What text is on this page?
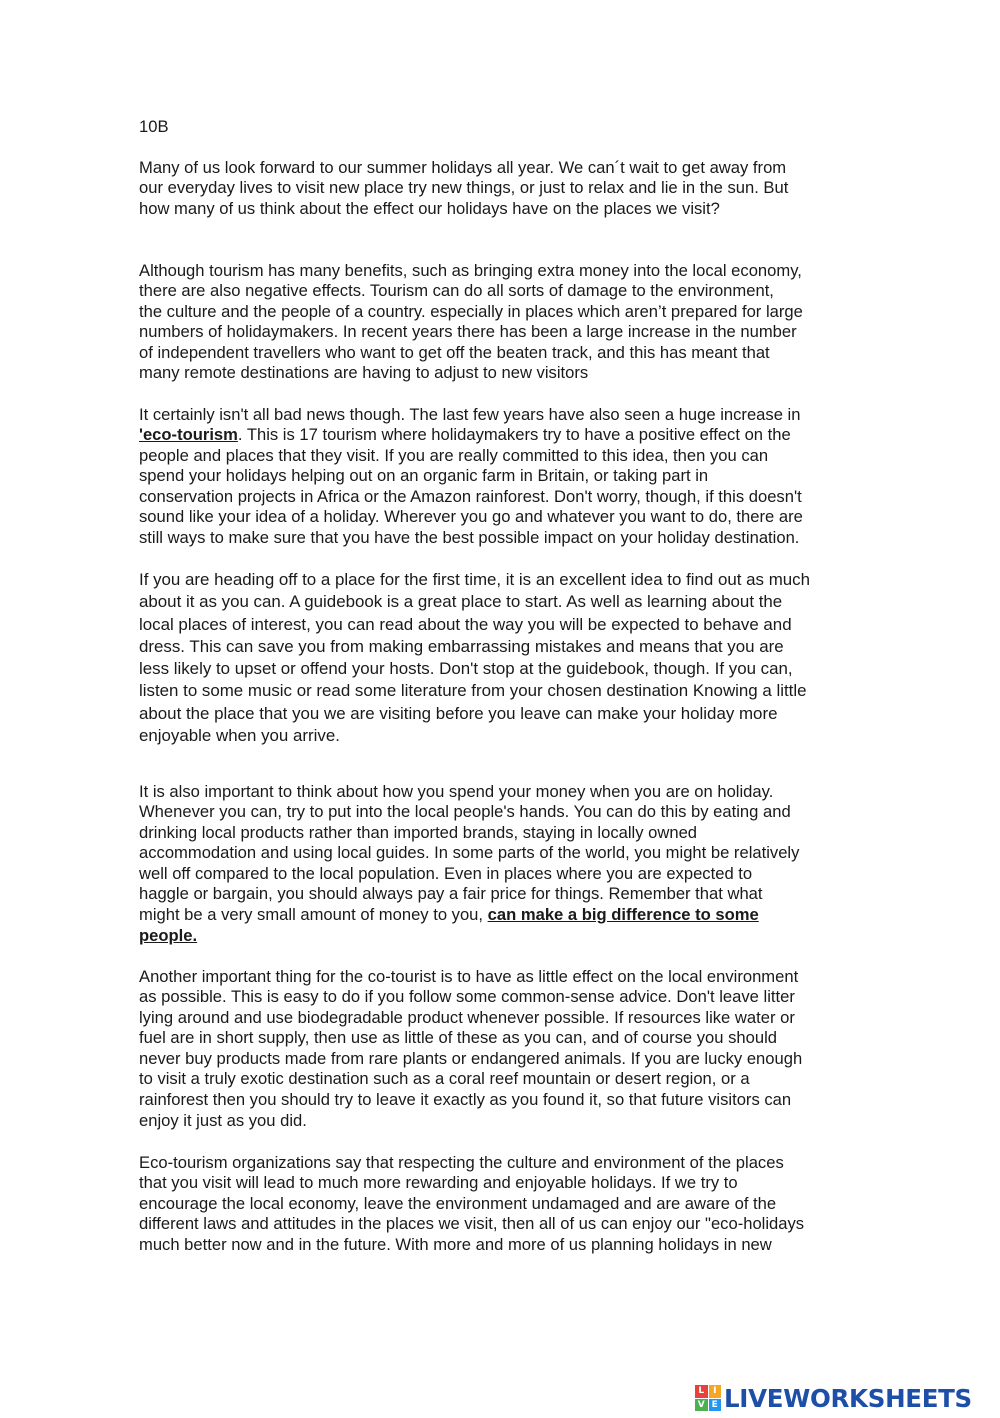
10B
Many of us look forward to our summer holidays all year. We can´t wait to get away from
our everyday lives to visit new place try new things, or just to relax and lie in the sun. But
how many of us think about the effect our holidays have on the places we visit?
Although tourism has many benefits, such as bringing extra money into the local economy,
there are also negative effects. Tourism can do all sorts of damage to the environment,
the culture and the people of a country. especially in places which aren’t prepared for large
numbers of holidaymakers. In recent years there has been a large increase in the number
of independent travellers who want to get off the beaten track, and this has meant that
many remote destinations are having to adjust to new visitors
It certainly isn't all bad news though. The last few years have also seen a huge increase in
'eco-tourism. This is 17 tourism where holidaymakers try to have a positive effect on the
people and places that they visit. If you are really committed to this idea, then you can
spend your holidays helping out on an organic farm in Britain, or taking part in
conservation projects in Africa or the Amazon rainforest. Don't worry, though, if this doesn't
sound like your idea of a holiday. Wherever you go and whatever you want to do, there are
still ways to make sure that you have the best possible impact on your holiday destination.
If you are heading off to a place for the first time, it is an excellent idea to find out as much
about it as you can. A guidebook is a great place to start. As well as learning about the
local places of interest, you can read about the way you will be expected to behave and
dress. This can save you from making embarrassing mistakes and means that you are
less likely to upset or offend your hosts. Don't stop at the guidebook, though. If you can,
listen to some music or read some literature from your chosen destination Knowing a little
about the place that you we are visiting before you leave can make your holiday more
enjoyable when you arrive.
It is also important to think about how you spend your money when you are on holiday.
Whenever you can, try to put into the local people's hands. You can do this by eating and
drinking local products rather than imported brands, staying in locally owned
accommodation and using local guides. In some parts of the world, you might be relatively
well off compared to the local population. Even in places where you are expected to
haggle or bargain, you should always pay a fair price for things. Remember that what
might be a very small amount of money to you, can make a big difference to some
people.
Another important thing for the co-tourist is to have as little effect on the local environment
as possible. This is easy to do if you follow some common-sense advice. Don't leave litter
lying around and use biodegradable product whenever possible. If resources like water or
fuel are in short supply, then use as little of these as you can, and of course you should
never buy products made from rare plants or endangered animals. If you are lucky enough
to visit a truly exotic destination such as a coral reef mountain or desert region, or a
rainforest then you should try to leave it exactly as you found it, so that future visitors can
enjoy it just as you did.
Eco-tourism organizations say that respecting the culture and environment of the places
that you visit will lead to much more rewarding and enjoyable holidays. If we try to
encourage the local economy, leave the environment undamaged and are aware of the
different laws and attitudes in the places we visit, then all of us can enjoy our "eco-holidays
much better now and in the future. With more and more of us planning holidays in new
L I
V E LIVEWORKSHEETS
